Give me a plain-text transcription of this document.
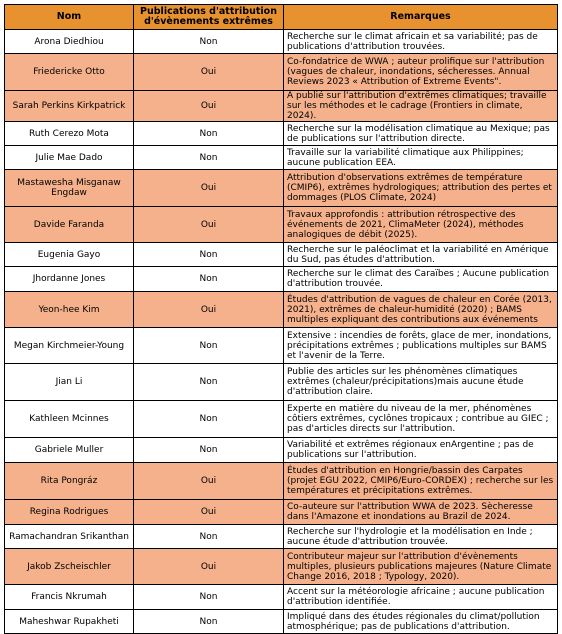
Nom	Publications d'attribution d'évènements extrêmes	Remarques
Arona Diedhiou	Non	Recherche sur le climat africain et sa variabilité; pas de publications d'attribution trouvées.
Friedericke Otto	Oui	Co-fondatrice de WWA ; auteur prolifique sur l'attribution (vagues de chaleur, inondations, sécheresses. Annual Reviews 2023 « Attribution of Extreme Events".
Sarah Perkins Kirkpatrick	Oui	A publié sur l'attribution d'extrêmes climatiques; travaille sur les méthodes et le cadrage (Frontiers in climate, 2024).
Ruth Cerezo Mota	Non	Recherche sur la modélisation climatique au Mexique; pas de publications sur l'attribution directe.
Julie Mae Dado	Non	Travaille sur la variabilité climatique aux Philippines; aucune publication EEA.
Mastawesha Misganaw Engdaw	Oui	Attribution d'observations extrêmes de température (CMIP6), extrêmes hydrologiques; attribution des pertes et dommages (PLOS Climate, 2024)
Davide Faranda	Oui	Travaux approfondis : attribution rétrospective des événements de 2021, ClimaMeter (2024), méthodes analogiques de débit (2025).
Eugenia Gayo	Non	Recherche sur le paléoclimat et la variabilité en Amérique du Sud, pas études d'attribution.
Jhordanne Jones	Non	Recherche sur le climat des Caraïbes ; Aucune publication d'attribution trouvée.
Yeon-hee Kim	Oui	Études d'attribution de vagues de chaleur en Corée (2013, 2021), extrêmes de chaleur-humidité (2020) ; BAMS multiples expliquant des contributions aux événements
Megan Kirchmeier-Young	Non	Extensive : incendies de forêts, glace de mer, inondations, précipitations extrêmes ; publications multiples sur BAMS et l'avenir de la Terre.
Jian Li	Non	Publie des articles sur les phénomènes climatiques extrêmes (chaleur/précipitations)mais aucune étude d'attribution claire.
Kathleen Mcinnes	Non	Experte en matière du niveau de la mer, phénomènes côtiers extrêmes, cyclônes tropicaux ; contribue au GIEC ; pas d'articles directs sur l'attribution.
Gabriele Muller	Non	Variabilité et extrêmes régionaux enArgentine ; pas de publications sur l'attribution.
Rita Pongráz	Oui	Études d'attribution en Hongrie/bassin des Carpates (projet EGU 2022, CMIP6/Euro-CORDEX) ; recherche sur les températures et précipitations extrêmes.
Regina Rodrigues	Oui	Co-auteure sur l'attribution WWA de 2023. Sècheresse dans l'Amazone et inondations au Brazil de 2024.
Ramachandran Srikanthan	Non	Recherche sur l'hydrologie et la modélisation en Inde ; aucune étude d'attribution trouvée.
Jakob Zscheischler	Oui	Contributeur majeur sur l'attribution d'évènements multiples, plusieurs publications majeures (Nature Climate Change 2016, 2018 ; Typology, 2020).
Francis Nkrumah	Non	Accent sur la météorologie africaine ; aucune publication d'attribution identifiée.
Maheshwar Rupakheti	Non	Impliqué dans des études régionales du climat/pollution atmosphérique; pas de publications d'attribution.
